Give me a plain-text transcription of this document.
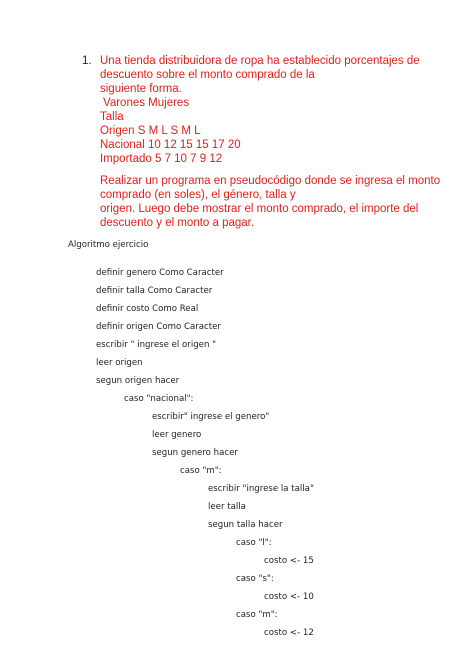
1. Una tienda distribuidora de ropa ha establecido porcentajes de
descuento sobre el monto comprado de la
siguiente forma.
Varones Mujeres
Talla
Origen S M L S M L
Nacional 10 12 15 15 17 20
Importado 5 7 10 7 9 12
Realizar un programa en pseudocódigo donde se ingresa el monto
comprado (en soles), el género, talla y
origen. Luego debe mostrar el monto comprado, el importe del
descuento y el monto a pagar.
Algoritmo ejercicio
definir genero Como Caracter
definir talla Como Caracter
definir costo Como Real
definir origen Como Caracter
escribir " ingrese el origen "
leer origen
segun origen hacer
caso "nacional":
escribir" ingrese el genero"
leer genero
segun genero hacer
caso "m":
escribir "ingrese la talla"
leer talla
segun talla hacer
caso "l":
costo <- 15
caso "s":
costo <- 10
caso "m":
costo <- 12
